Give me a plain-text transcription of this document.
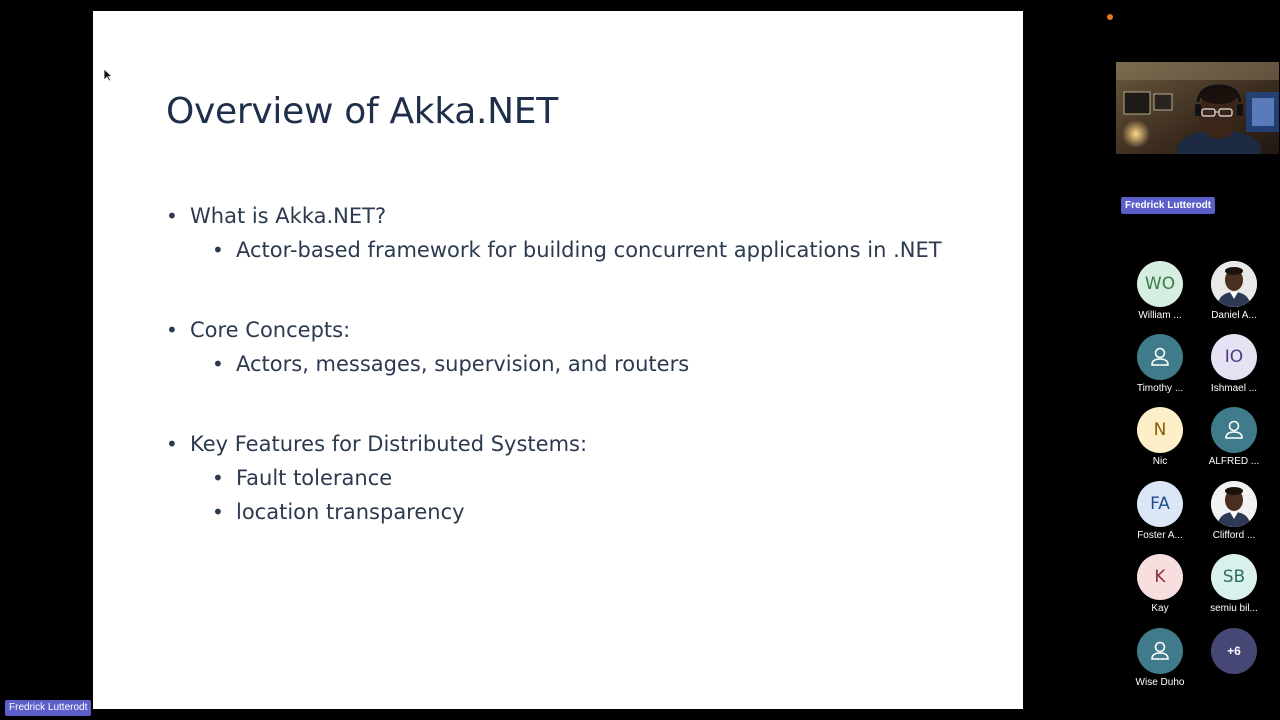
Overview of Akka.NET
• What is Akka.NET?
• Actor-based framework for building concurrent applications in .NET
• Core Concepts:
• Actors, messages, supervision, and routers
• Key Features for Distributed Systems:
• Fault tolerance
• location transparency
Fredrick Lutterodt
Fredrick Lutterodt
WO
William ...	Daniel A...
Timothy ...
IO
Ishmael ...
N
Nic	ALFRED ...
FA
Foster A...	Clifford ...
K
Kay
SB
semiu bil...
Wise Duho
+6
